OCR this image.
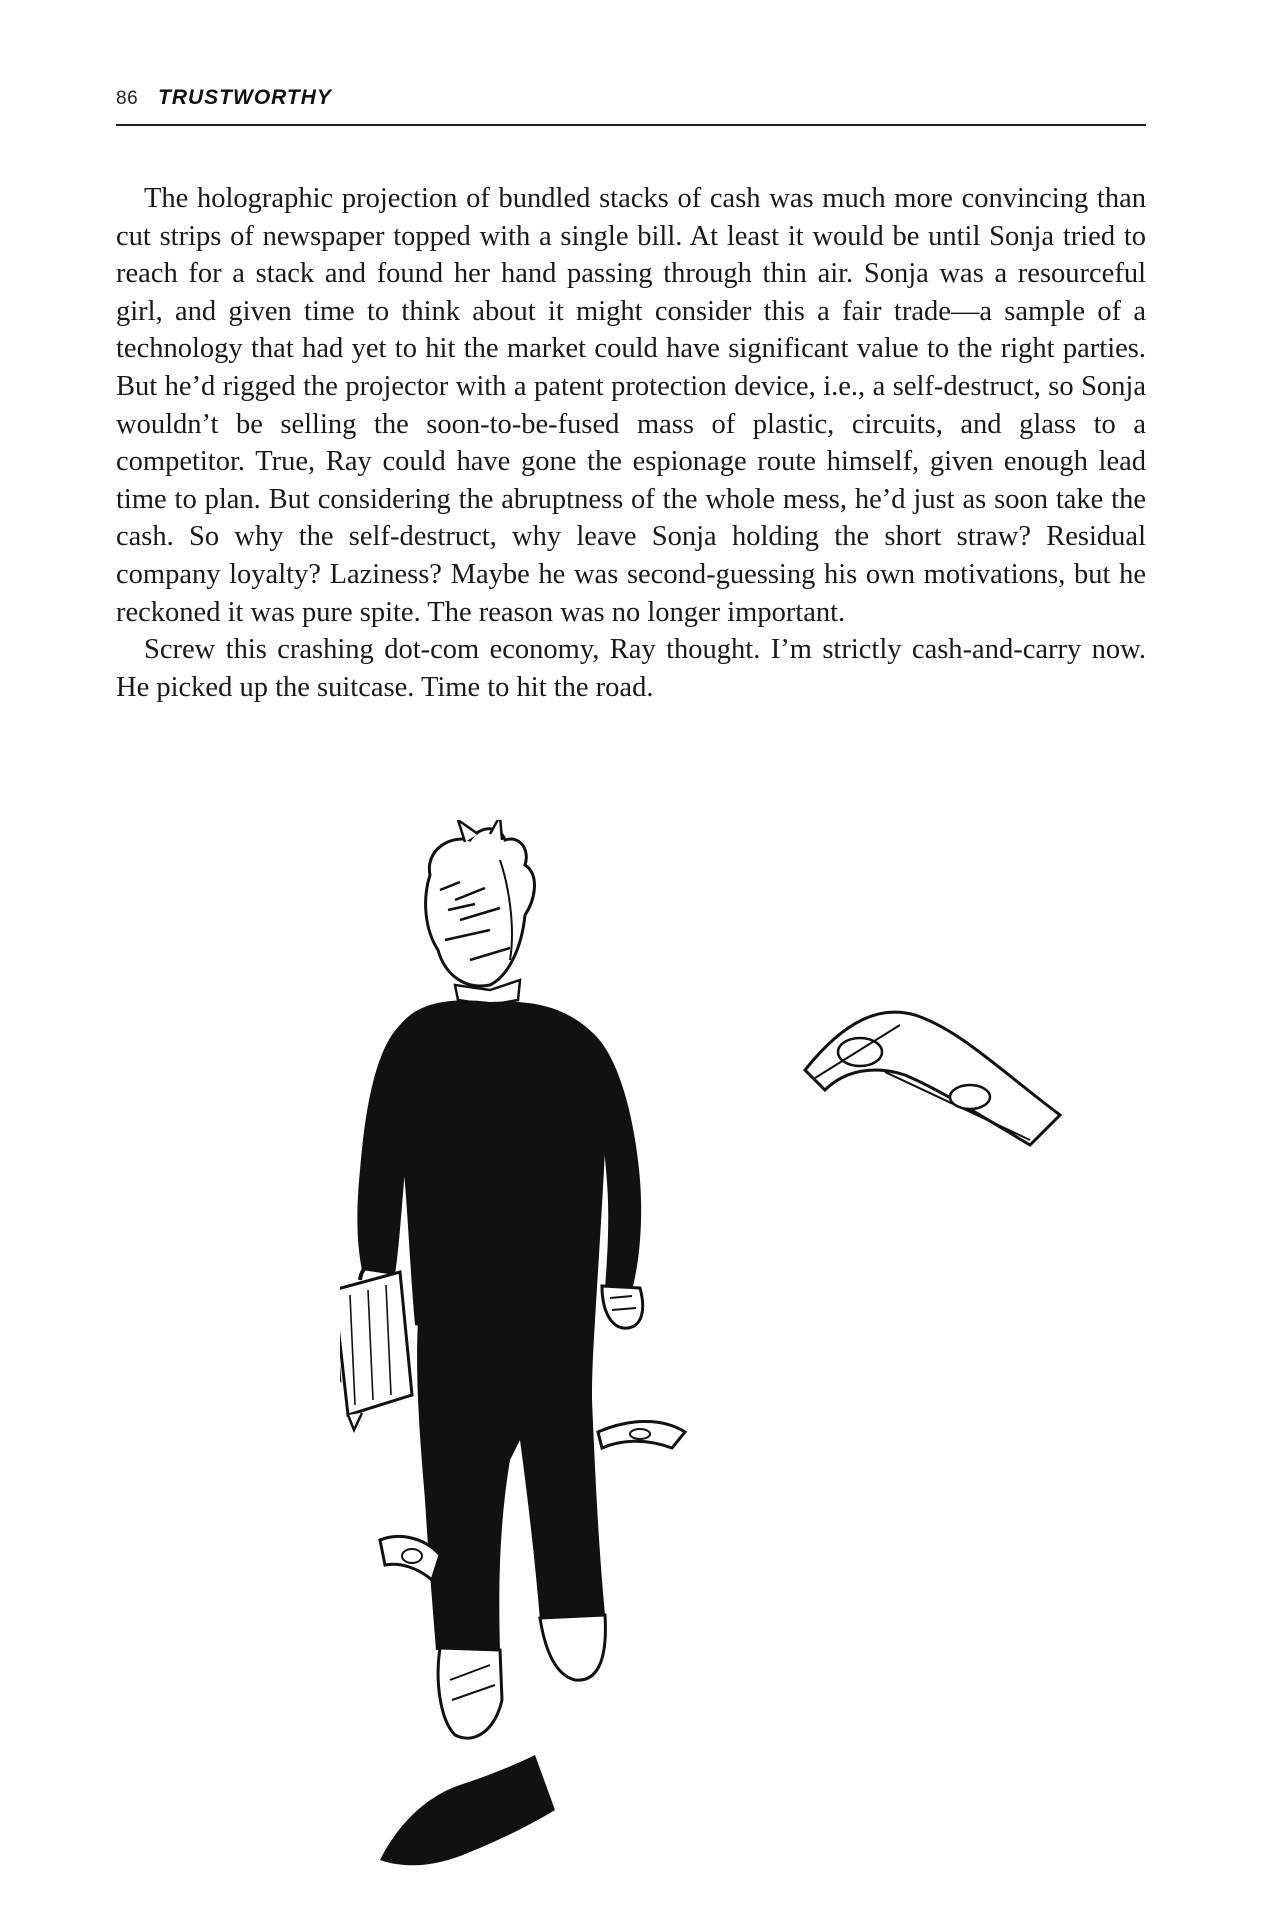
86 TRUSTWORTHY

The holographic projection of bundled stacks of cash was much more convincing than cut strips of newspaper topped with a single bill. At least it would be until Sonja tried to reach for a stack and found her hand passing through thin air. Sonja was a resourceful girl, and given time to think about it might consider this a fair trade—a sample of a technology that had yet to hit the market could have significant value to the right parties. But he’d rigged the projector with a patent protection device, i.e., a self-destruct, so Sonja wouldn’t be selling the soon-to-be-fused mass of plastic, circuits, and glass to a competitor. True, Ray could have gone the espionage route himself, given enough lead time to plan. But considering the abruptness of the whole mess, he’d just as soon take the cash. So why the self-destruct, why leave Sonja holding the short straw? Residual company loyalty? Laziness? Maybe he was second-guessing his own motivations, but he reckoned it was pure spite. The reason was no longer important.

Screw this crashing dot-com economy, Ray thought. I’m strictly cash-and-carry now. He picked up the suitcase. Time to hit the road.
